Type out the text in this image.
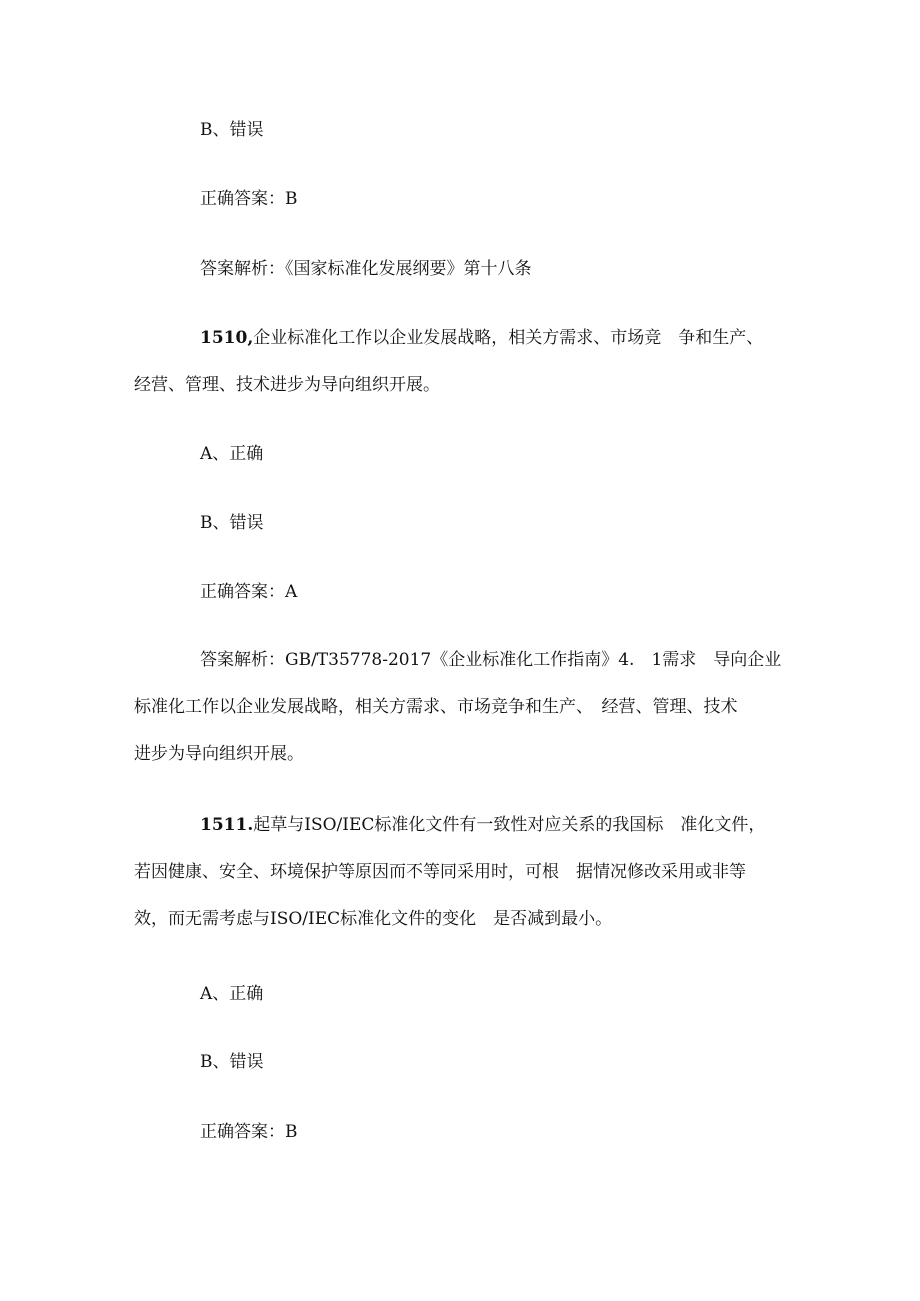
B、错误
正确答案：B
答案解析：《国家标准化发展纲要》第十八条
1510,企业标准化工作以企业发展战略，相关方需求、市场竞　争和生产、
经营、管理、技术进步为导向组织开展。
A、正确
B、错误
正确答案：A
答案解析：GB/T35778-2017《企业标准化工作指南》4.　1需求　导向企业
标准化工作以企业发展战略，相关方需求、市场竞争和生产、　经营、管理、技术
进步为导向组织开展。
1511.起草与ISO/IEC标准化文件有一致性对应关系的我国标　准化文件，
若因健康、安全、环境保护等原因而不等同采用时，可根　据情况修改采用或非等
效，而无需考虑与ISO/IEC标准化文件的变化　是否减到最小。
A、正确
B、错误
正确答案：B
